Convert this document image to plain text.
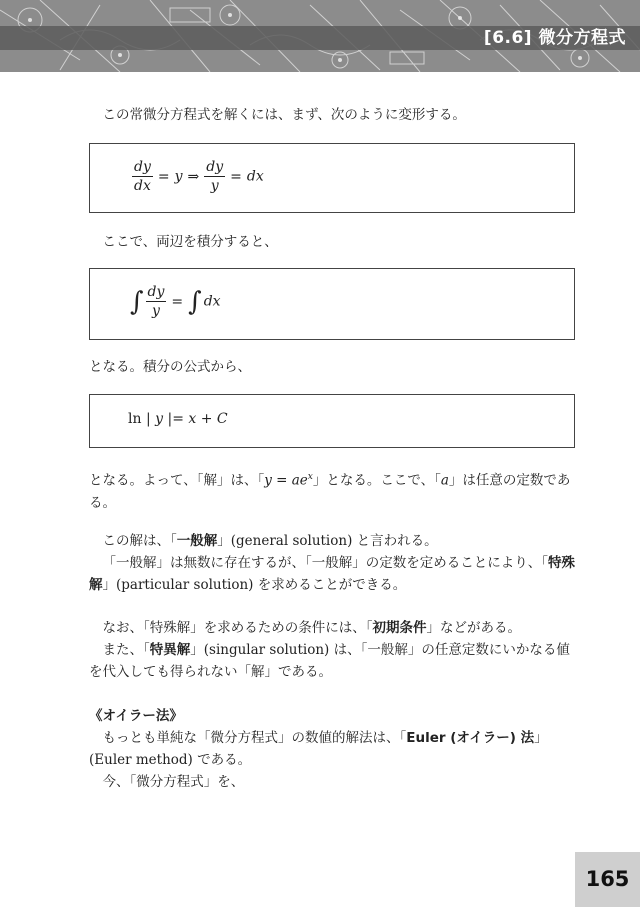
[6.6] 微分方程式

この常微分方程式を解くには、まず、次のように変形する。

$\frac{dy}{dx} = y$ ⇒ $\frac{dy}{y}$ = dx

ここで、両辺を積分すると、

∫ $\frac{dy}{y}$ = ∫ dx

となる。積分の公式から、

ln | y |= x + C

となる。よって、「解」は、「$y = ae^x$」となる。ここで、「a」は任意の定数である。

この解は、「一般解」(general solution) と言われる。

「一般解」は無数に存在するが、「一般解」の定数を定めることにより、「特殊解」(particular solution) を求めることができる。

なお、「特殊解」を求めるための条件には、「初期条件」などがある。

また、「特異解」(singular solution) は、「一般解」の任意定数にいかなる値を代入しても得られない「解」である。

《オイラー法》

もっとも単純な「微分方程式」の数値的解法は、「Euler (オイラー) 法」(Euler method) である。

今、「微分方程式」を、

165
